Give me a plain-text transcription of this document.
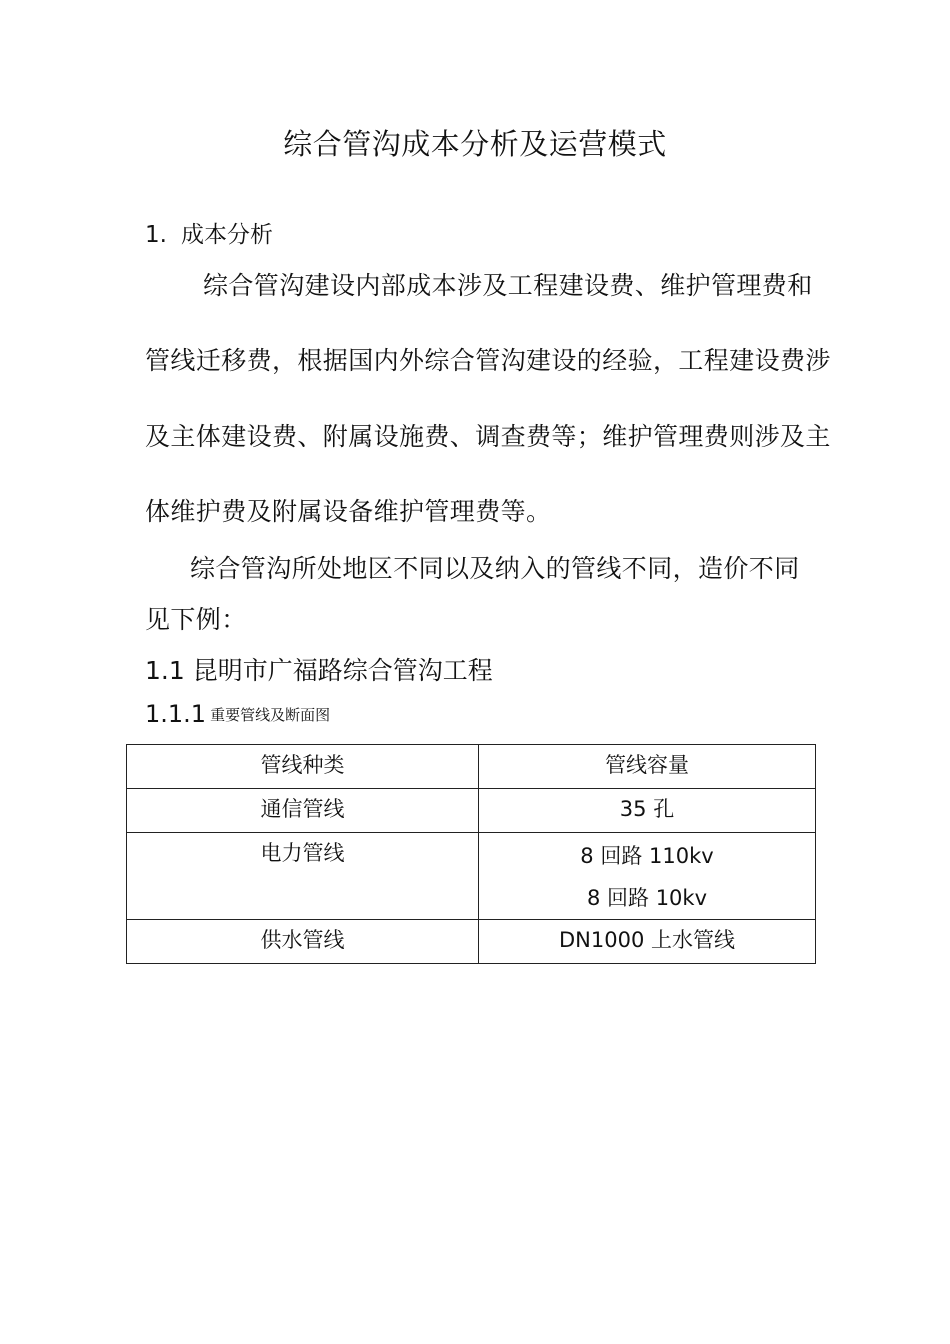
综合管沟成本分析及运营模式
1. 成本分析
综合管沟建设内部成本涉及工程建设费、维护管理费和
管线迁移费，根据国内外综合管沟建设的经验，工程建设费涉
及主体建设费、附属设施费、调查费等；维护管理费则涉及主
体维护费及附属设备维护管理费等。
综合管沟所处地区不同以及纳入的管线不同，造价不同
见下例：
1.1 昆明市广福路综合管沟工程
1.1.1 重要管线及断面图
管线种类	管线容量
通信管线	35 孔
电力管线	8 回路 110kv
8 回路 10kv

供水管线	DN1000 上水管线
